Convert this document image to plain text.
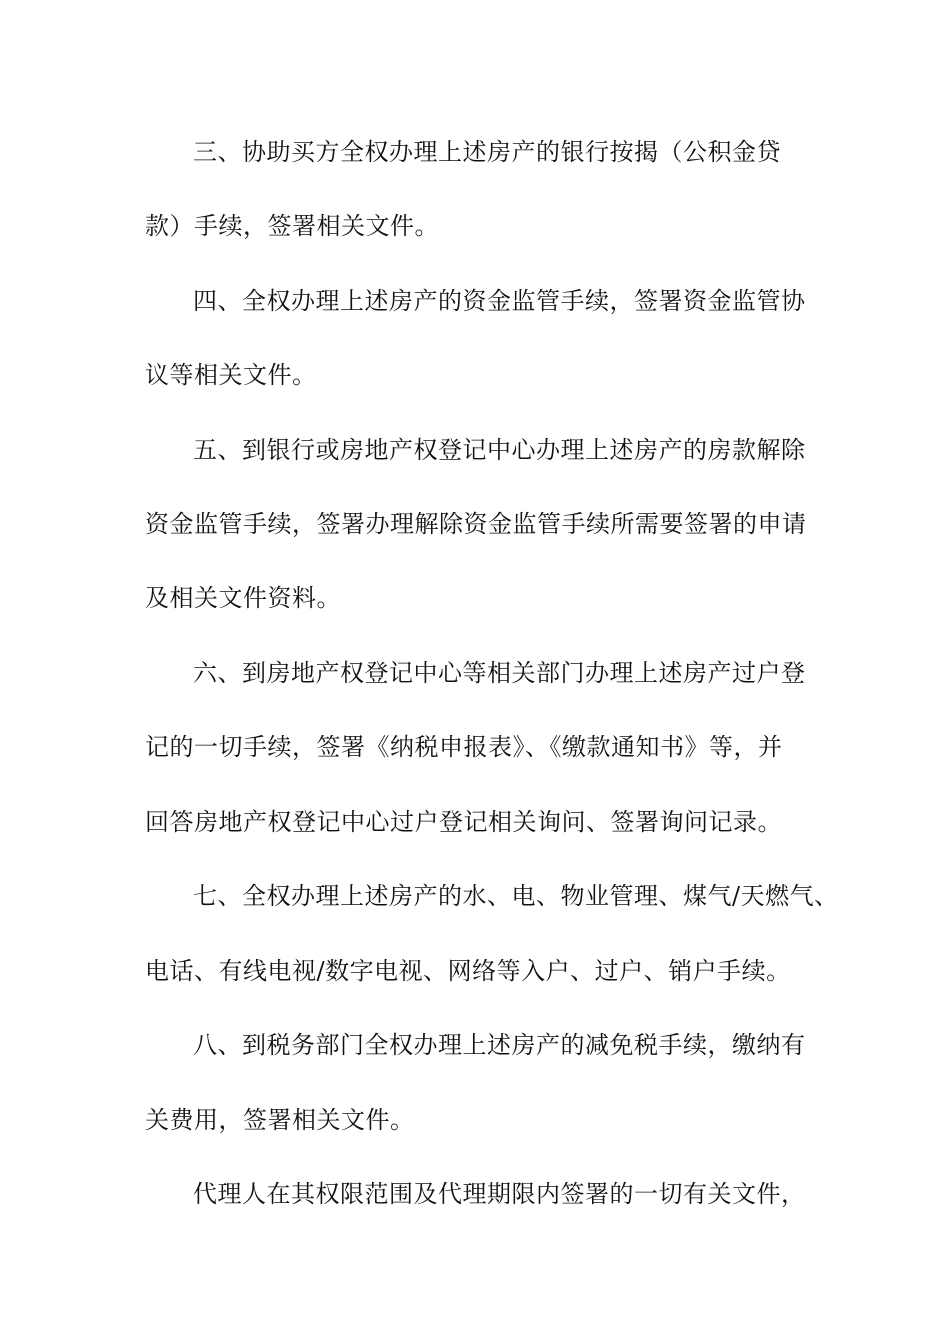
三、协助买方全权办理上述房产的银行按揭（公积金贷
款）手续，签署相关文件。
四、全权办理上述房产的资金监管手续，签署资金监管协
议等相关文件。
五、到银行或房地产权登记中心办理上述房产的房款解除
资金监管手续，签署办理解除资金监管手续所需要签署的申请
及相关文件资料。
六、到房地产权登记中心等相关部门办理上述房产过户登
记的一切手续，签署《纳税申报表》、《缴款通知书》等，并
回答房地产权登记中心过户登记相关询问、签署询问记录。
七、全权办理上述房产的水、电、物业管理、煤气/天燃气、
电话、有线电视/数字电视、网络等入户、过户、销户手续。
八、到税务部门全权办理上述房产的减免税手续，缴纳有
关费用，签署相关文件。
代理人在其权限范围及代理期限内签署的一切有关文件，
